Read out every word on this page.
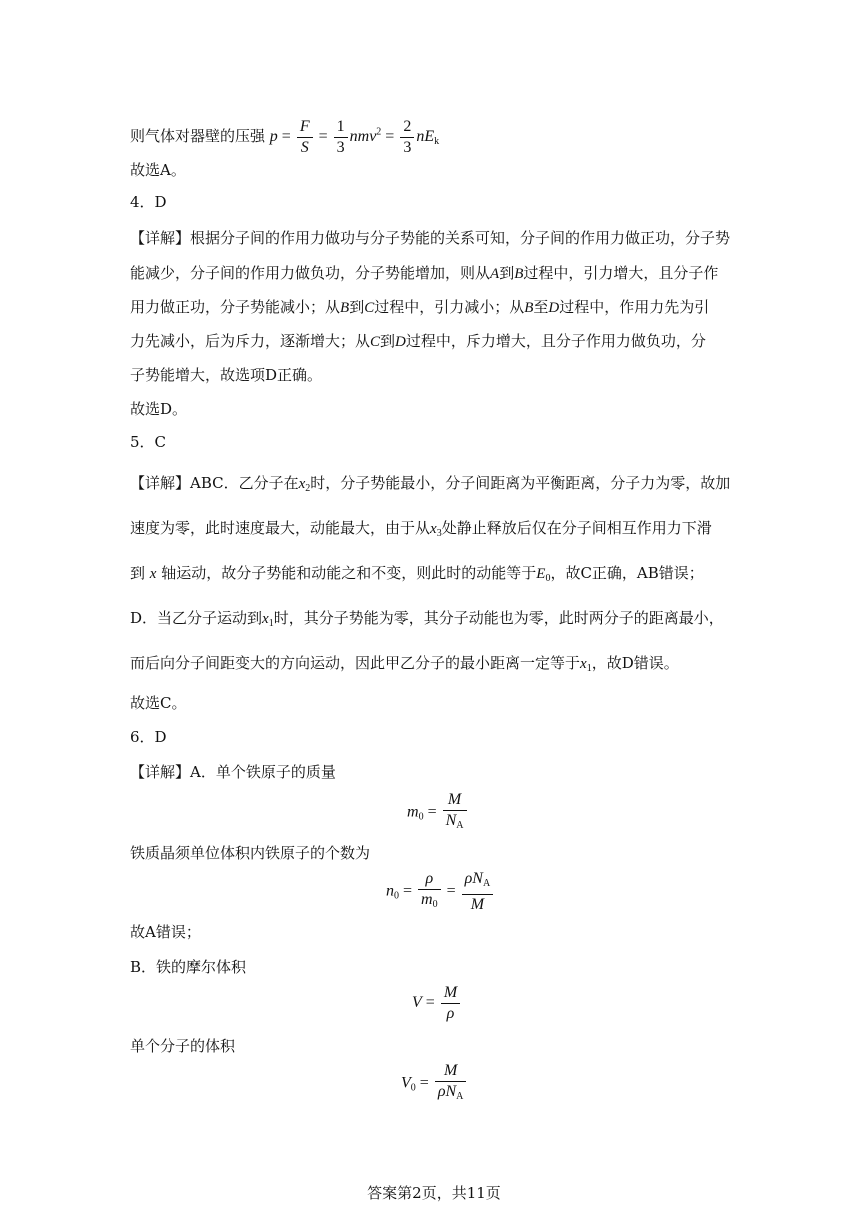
则气体对器壁的压强 $p = \frac{F}{S} = \frac{1}{3} nmv^2 = \frac{2}{3} nE_k$
故选A。
4．D
【详解】根据分子间的作用力做功与分子势能的关系可知，分子间的作用力做正功，分子势
能减少，分子间的作用力做负功，分子势能增加，则从A到B过程中，引力增大，且分子作
用力做正功，分子势能减小；从B到C过程中，引力减小；从B至D过程中，作用力先为引
力先减小，后为斥力，逐渐增大；从C到D过程中，斥力增大，且分子作用力做负功，分
子势能增大，故选项D正确。
故选D。
5．C
【详解】ABC．乙分子在$x_2$时，分子势能最小，分子间距离为平衡距离，分子力为零，故加
速度为零，此时速度最大，动能最大，由于从$x_3$处静止释放后仅在分子间相互作用力下滑
到 x 轴运动，故分子势能和动能之和不变，则此时的动能等于$E_0$，故C正确，AB错误；
D．当乙分子运动到$x_1$时，其分子势能为零，其分子动能也为零，此时两分子的距离最小，
而后向分子间距变大的方向运动，因此甲乙分子的最小距离一定等于$x_1$，故D错误。
故选C。
6．D
【详解】A．单个铁原子的质量
$m_0 = \frac{M}{N_A}$
铁质晶须单位体积内铁原子的个数为
$n_0 = \frac{\rho}{m_0} = \frac{\rho N_A}{M}$
故A错误；
B．铁的摩尔体积
$V = \frac{M}{\rho}$
单个分子的体积
$V_0 = \frac{M}{\rho N_A}$
答案第2页，共11页
